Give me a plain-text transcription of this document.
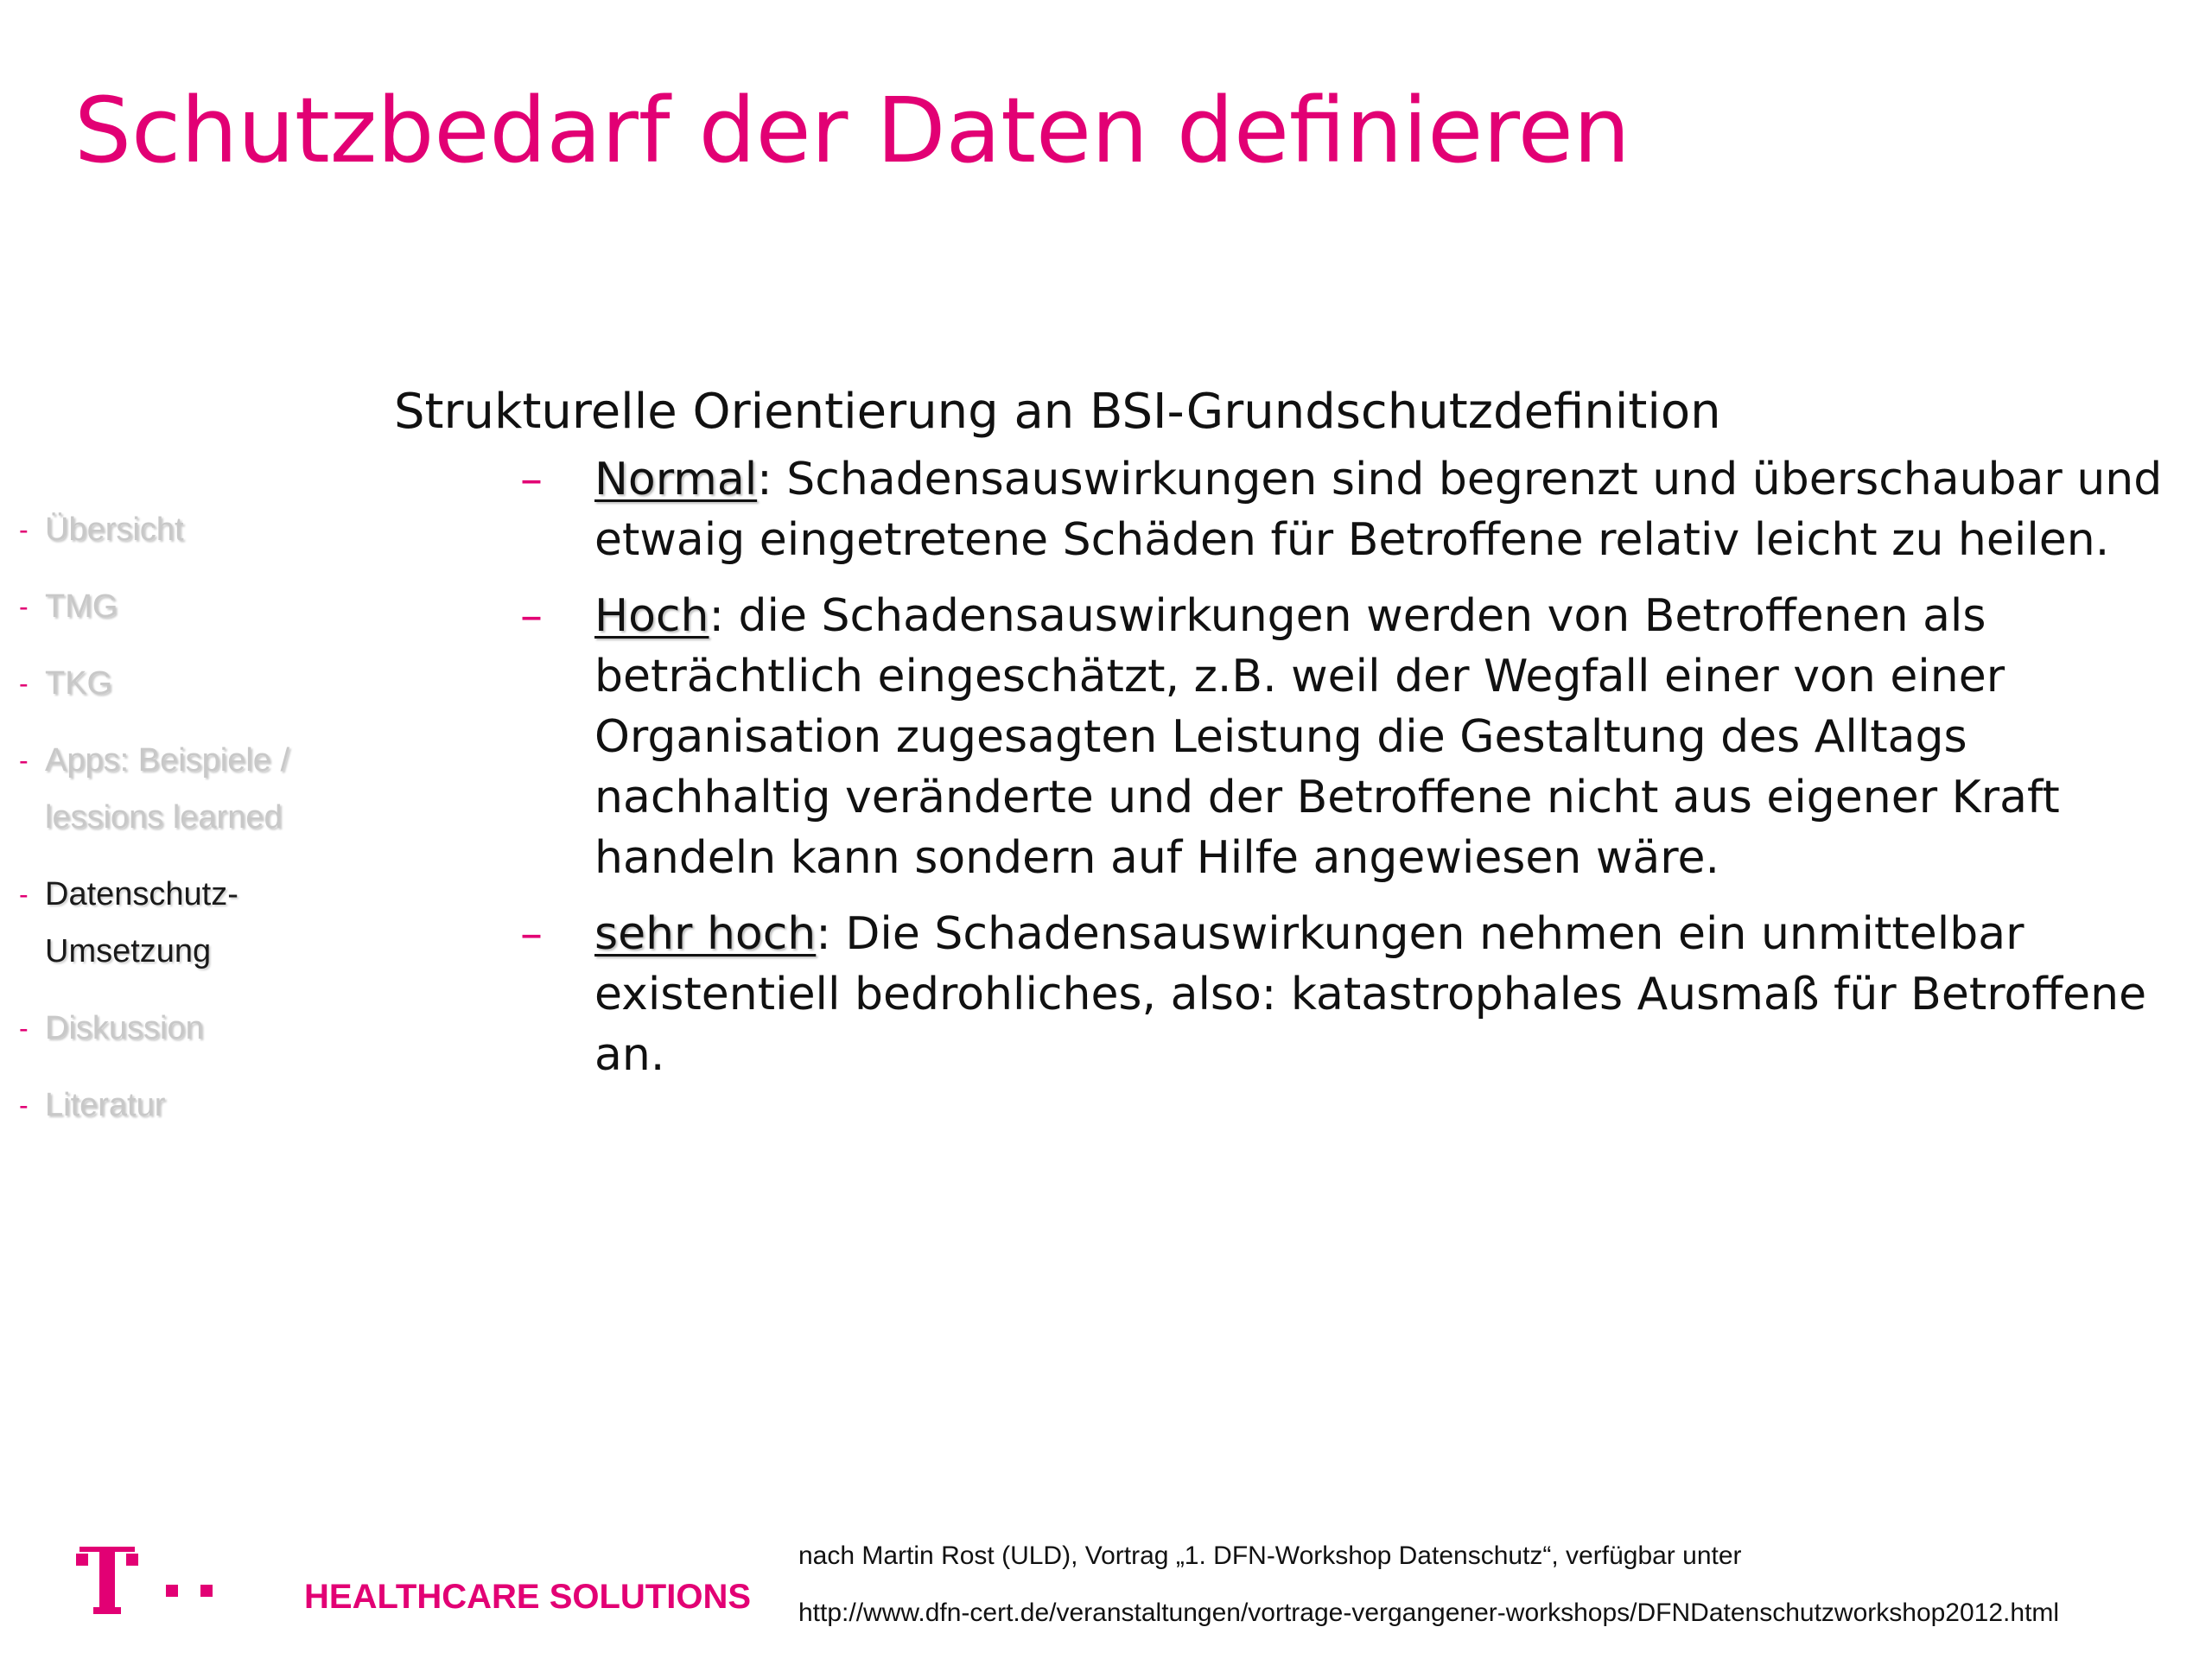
Schutzbedarf der Daten definieren
- Übersicht
- TMG
- TKG
- Apps: Beispiele /
lessions learned
- Datenschutz-
Umsetzung
- Diskussion
- Literatur

Strukturelle Orientierung an BSI-Grundschutzdefinition

– Normal: Schadensauswirkungen sind begrenzt und überschaubar und etwaig eingetretene Schäden für Betroffene relativ leicht zu heilen.
– Hoch: die Schadensauswirkungen werden von Betroffenen als beträchtlich eingeschätzt, z.B. weil der Wegfall einer von einer Organisation zugesagten Leistung die Gestaltung des Alltags nachhaltig veränderte und der Betroffene nicht aus eigener Kraft handeln kann sondern auf Hilfe angewiesen wäre.
– sehr hoch: Die Schadensauswirkungen nehmen ein unmittelbar existentiell bedrohliches, also: katastrophales Ausmaß für Betroffene an.
HEALTHCARE SOLUTIONS
nach Martin Rost (ULD), Vortrag „1. DFN-Workshop Datenschutz“, verfügbar unter
http://www.dfn-cert.de/veranstaltungen/vortrage-vergangener-workshops/DFNDatenschutzworkshop2012.html
